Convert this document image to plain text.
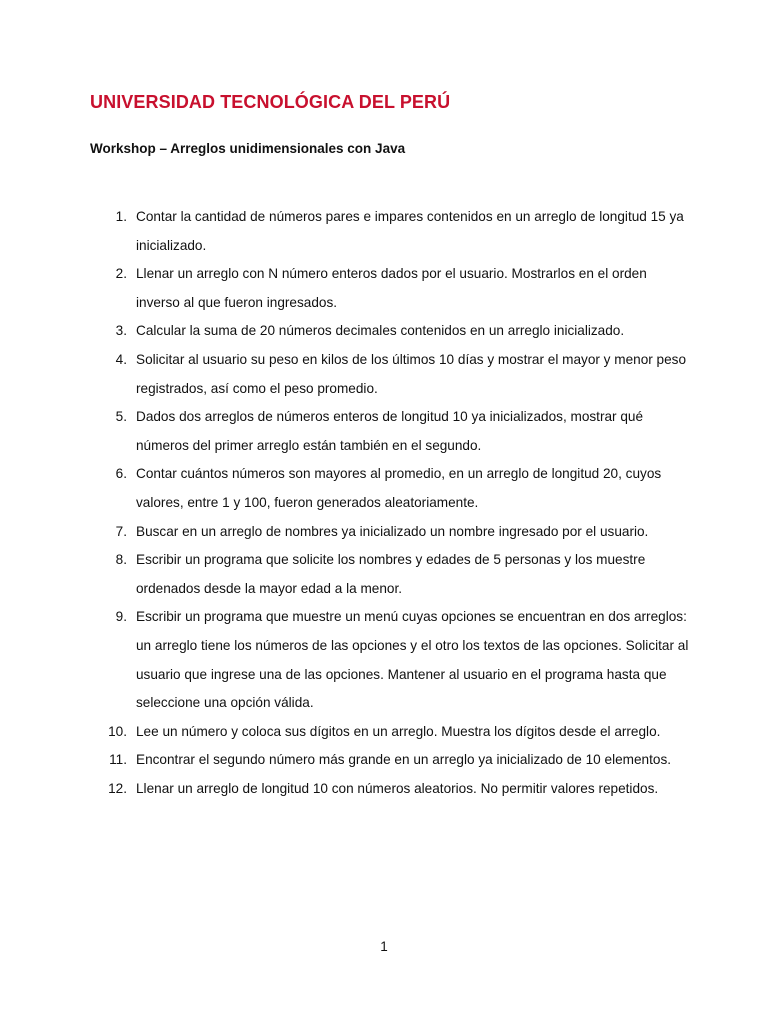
UNIVERSIDAD TECNOLÓGICA DEL PERÚ
Workshop – Arreglos unidimensionales con Java
1. Contar la cantidad de números pares e impares contenidos en un arreglo de longitud 15 ya inicializado.
2. Llenar un arreglo con N número enteros dados por el usuario. Mostrarlos en el orden inverso al que fueron ingresados.
3. Calcular la suma de 20 números decimales contenidos en un arreglo inicializado.
4. Solicitar al usuario su peso en kilos de los últimos 10 días y mostrar el mayor y menor peso registrados, así como el peso promedio.
5. Dados dos arreglos de números enteros de longitud 10 ya inicializados, mostrar qué números del primer arreglo están también en el segundo.
6. Contar cuántos números son mayores al promedio, en un arreglo de longitud 20, cuyos valores, entre 1 y 100, fueron generados aleatoriamente.
7. Buscar en un arreglo de nombres ya inicializado un nombre ingresado por el usuario.
8. Escribir un programa que solicite los nombres y edades de 5 personas y los muestre ordenados desde la mayor edad a la menor.
9. Escribir un programa que muestre un menú cuyas opciones se encuentran en dos arreglos: un arreglo tiene los números de las opciones y el otro los textos de las opciones. Solicitar al usuario que ingrese una de las opciones. Mantener al usuario en el programa hasta que seleccione una opción válida.
10. Lee un número y coloca sus dígitos en un arreglo. Muestra los dígitos desde el arreglo.
11. Encontrar el segundo número más grande en un arreglo ya inicializado de 10 elementos.
12. Llenar un arreglo de longitud 10 con números aleatorios. No permitir valores repetidos.
1
